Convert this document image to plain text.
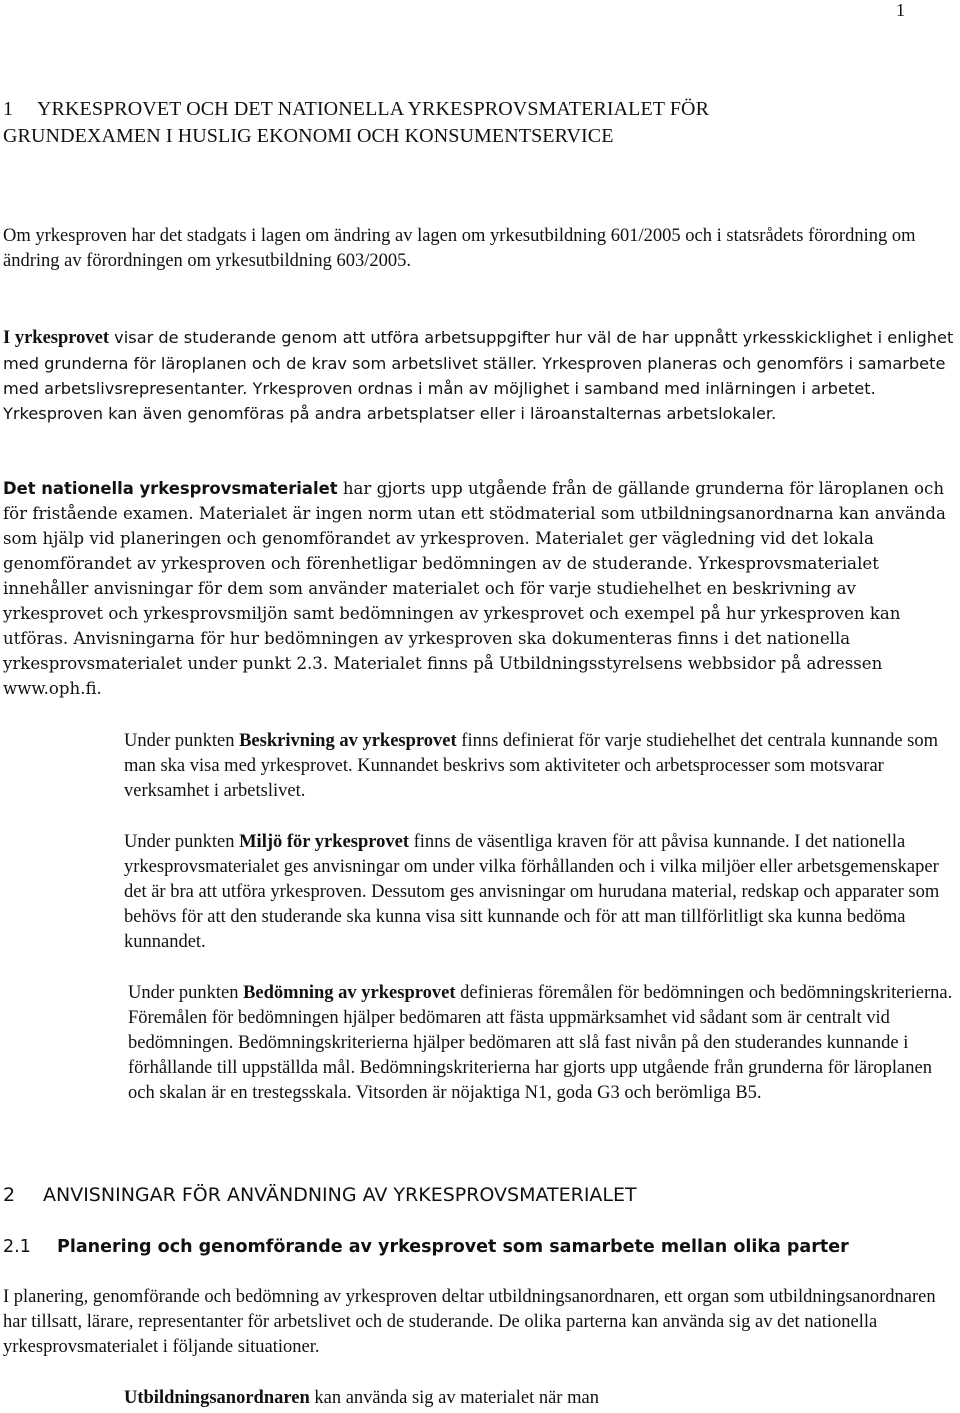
1
1 YRKESPROVET OCH DET NATIONELLA YRKESPROVSMATERIALET FÖR
GRUNDEXAMEN I HUSLIG EKONOMI OCH KONSUMENTSERVICE

Om yrkesproven har det stadgats i lagen om ändring av lagen om yrkesutbildning 601/2005 och i statsrådets förordning om ändring av förordningen om yrkesutbildning 603/2005.

I yrkesprovet visar de studerande genom att utföra arbetsuppgifter hur väl de har uppnått yrkesskicklighet i enlighet med grunderna för läroplanen och de krav som arbetslivet ställer. Yrkesproven planeras och genomförs i samarbete med arbetslivsrepresentanter. Yrkesproven ordnas i mån av möjlighet i samband med inlärningen i arbetet. Yrkesproven kan även genomföras på andra arbetsplatser eller i läroanstalternas arbetslokaler.

Det nationella yrkesprovsmaterialet har gjorts upp utgående från de gällande grunderna för läroplanen och för fristående examen. Materialet är ingen norm utan ett stödmaterial som utbildningsanordnarna kan använda som hjälp vid planeringen och genomförandet av yrkesproven. Materialet ger vägledning vid det lokala genomförandet av yrkesproven och förenhetligar bedömningen av de studerande. Yrkesprovsmaterialet innehåller anvisningar för dem som använder materialet och för varje studiehelhet en beskrivning av yrkesprovet och yrkesprovsmiljön samt bedömningen av yrkesprovet och exempel på hur yrkesproven kan utföras. Anvisningarna för hur bedömningen av yrkesproven ska dokumenteras finns i det nationella yrkesprovsmaterialet under punkt 2.3. Materialet finns på Utbildningsstyrelsens webbsidor på adressen www.oph.fi.

Under punkten Beskrivning av yrkesprovet finns definierat för varje studiehelhet det centrala kunnande som man ska visa med yrkesprovet. Kunnandet beskrivs som aktiviteter och arbetsprocesser som motsvarar verksamhet i arbetslivet.

Under punkten Miljö för yrkesprovet finns de väsentliga kraven för att påvisa kunnande. I det nationella yrkesprovsmaterialet ges anvisningar om under vilka förhållanden och i vilka miljöer eller arbetsgemenskaper det är bra att utföra yrkesproven. Dessutom ges anvisningar om hurudana material, redskap och apparater som behövs för att den studerande ska kunna visa sitt kunnande och för att man tillförlitligt ska kunna bedöma kunnandet.

Under punkten Bedömning av yrkesprovet definieras föremålen för bedömningen och bedömningskriterierna. Föremålen för bedömningen hjälper bedömaren att fästa uppmärksamhet vid sådant som är centralt vid bedömningen. Bedömningskriterierna hjälper bedömaren att slå fast nivån på den studerandes kunnande i förhållande till uppställda mål. Bedömningskriterierna har gjorts upp utgående från grunderna för läroplanen och skalan är en trestegsskala. Vitsorden är nöjaktiga N1, goda G3 och berömliga B5.

2 ANVISNINGAR FÖR ANVÄNDNING AV YRKESPROVSMATERIALET
2.1 Planering och genomförande av yrkesprovet som samarbete mellan olika parter

I planering, genomförande och bedömning av yrkesproven deltar utbildningsanordnaren, ett organ som utbildningsanordnaren har tillsatt, lärare, representanter för arbetslivet och de studerande. De olika parterna kan använda sig av det nationella yrkesprovsmaterialet i följande situationer.

Utbildningsanordnaren kan använda sig av materialet när man
